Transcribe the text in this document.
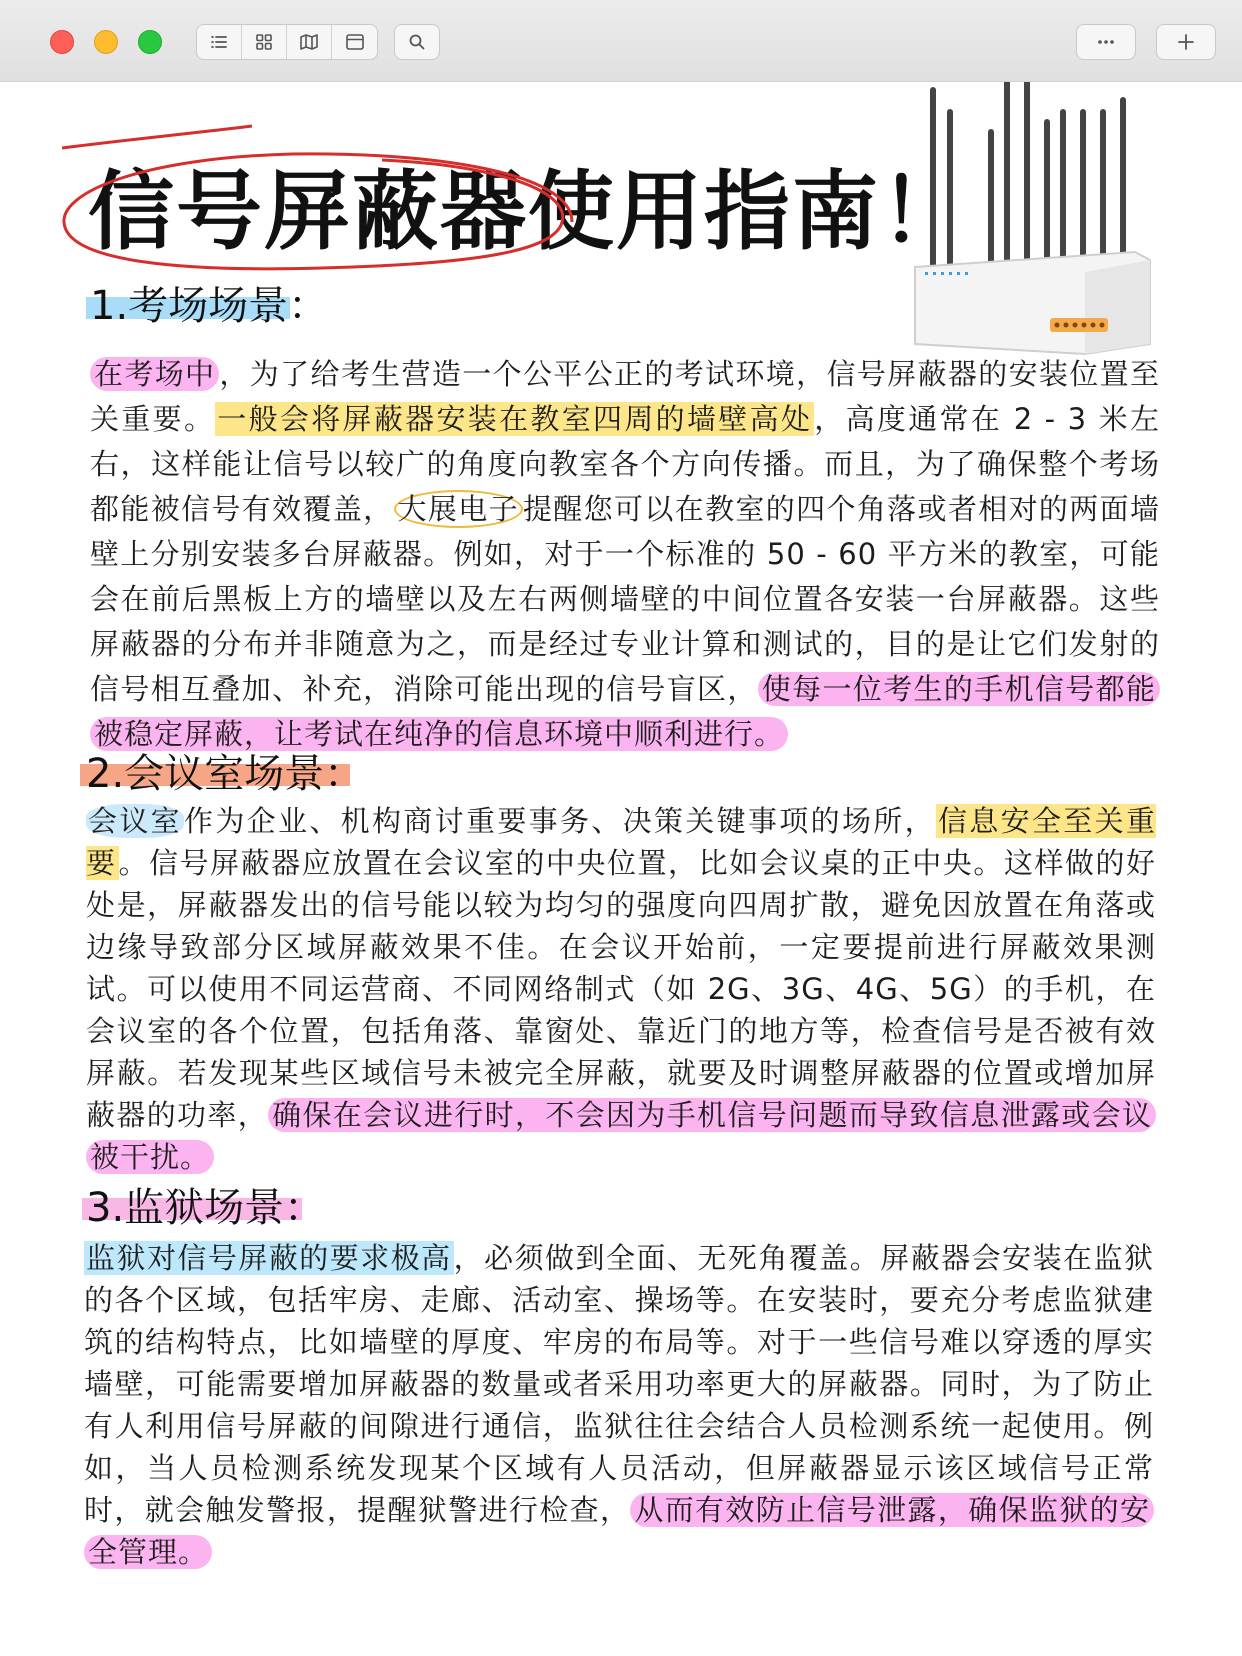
信号屏蔽器使用指南！
1.考场场景：
在考场中 ，为了给考生营造一个公平公正的考试环境，信号屏蔽器的安装位置至关重要。一般会将屏蔽器安装在教室四周的墙壁高处，高度通常在 2 - 3 米左右，这样能让信号以较广的角度向教室各个方向传播。而且，为了确保整个考场都能被信号有效覆盖， 大展电子 提醒您可以在教室的四个角落或者相对的两面墙壁上分别安装多台屏蔽器。例如，对于一个标准的 50 - 60 平方米的教室，可能会在前后黑板上方的墙壁以及左右两侧墙壁的中间位置各安装一台屏蔽器。这些屏蔽器的分布并非随意为之，而是经过专业计算和测试的，目的是让它们发射的信号相互叠加、补充，消除可能出现的信号盲区， 使每一位考生的手机信号都能被稳定屏蔽，让考试在纯净的信息环境中顺利进行。
2.会议室场景：
会议室作为企业、机构商讨重要事务、决策关键事项的场所，信息安全至关重要。信号屏蔽器应放置在会议室的中央位置，比如会议桌的正中央。这样做的好处是，屏蔽器发出的信号能以较为均匀的强度向四周扩散，避免因放置在角落或边缘导致部分区域屏蔽效果不佳。在会议开始前，一定要提前进行屏蔽效果测试。可以使用不同运营商、不同网络制式（如 2G、3G、4G、5G）的手机，在会议室的各个位置，包括角落、靠窗处、靠近门的地方等，检查信号是否被有效屏蔽。若发现某些区域信号未被完全屏蔽，就要及时调整屏蔽器的位置或增加屏蔽器的功率， 确保在会议进行时，不会因为手机信号问题而导致信息泄露或会议被干扰。
3.监狱场景：
监狱对信号屏蔽的要求极高，必须做到全面、无死角覆盖。屏蔽器会安装在监狱的各个区域，包括牢房、走廊、活动室、操场等。在安装时，要充分考虑监狱建筑的结构特点，比如墙壁的厚度、牢房的布局等。对于一些信号难以穿透的厚实墙壁，可能需要增加屏蔽器的数量或者采用功率更大的屏蔽器。同时，为了防止有人利用信号屏蔽的间隙进行通信，监狱往往会结合人员检测系统一起使用。例如，当人员检测系统发现某个区域有人员活动，但屏蔽器显示该区域信号正常时，就会触发警报，提醒狱警进行检查， 从而有效防止信号泄露，确保监狱的安全管理。
